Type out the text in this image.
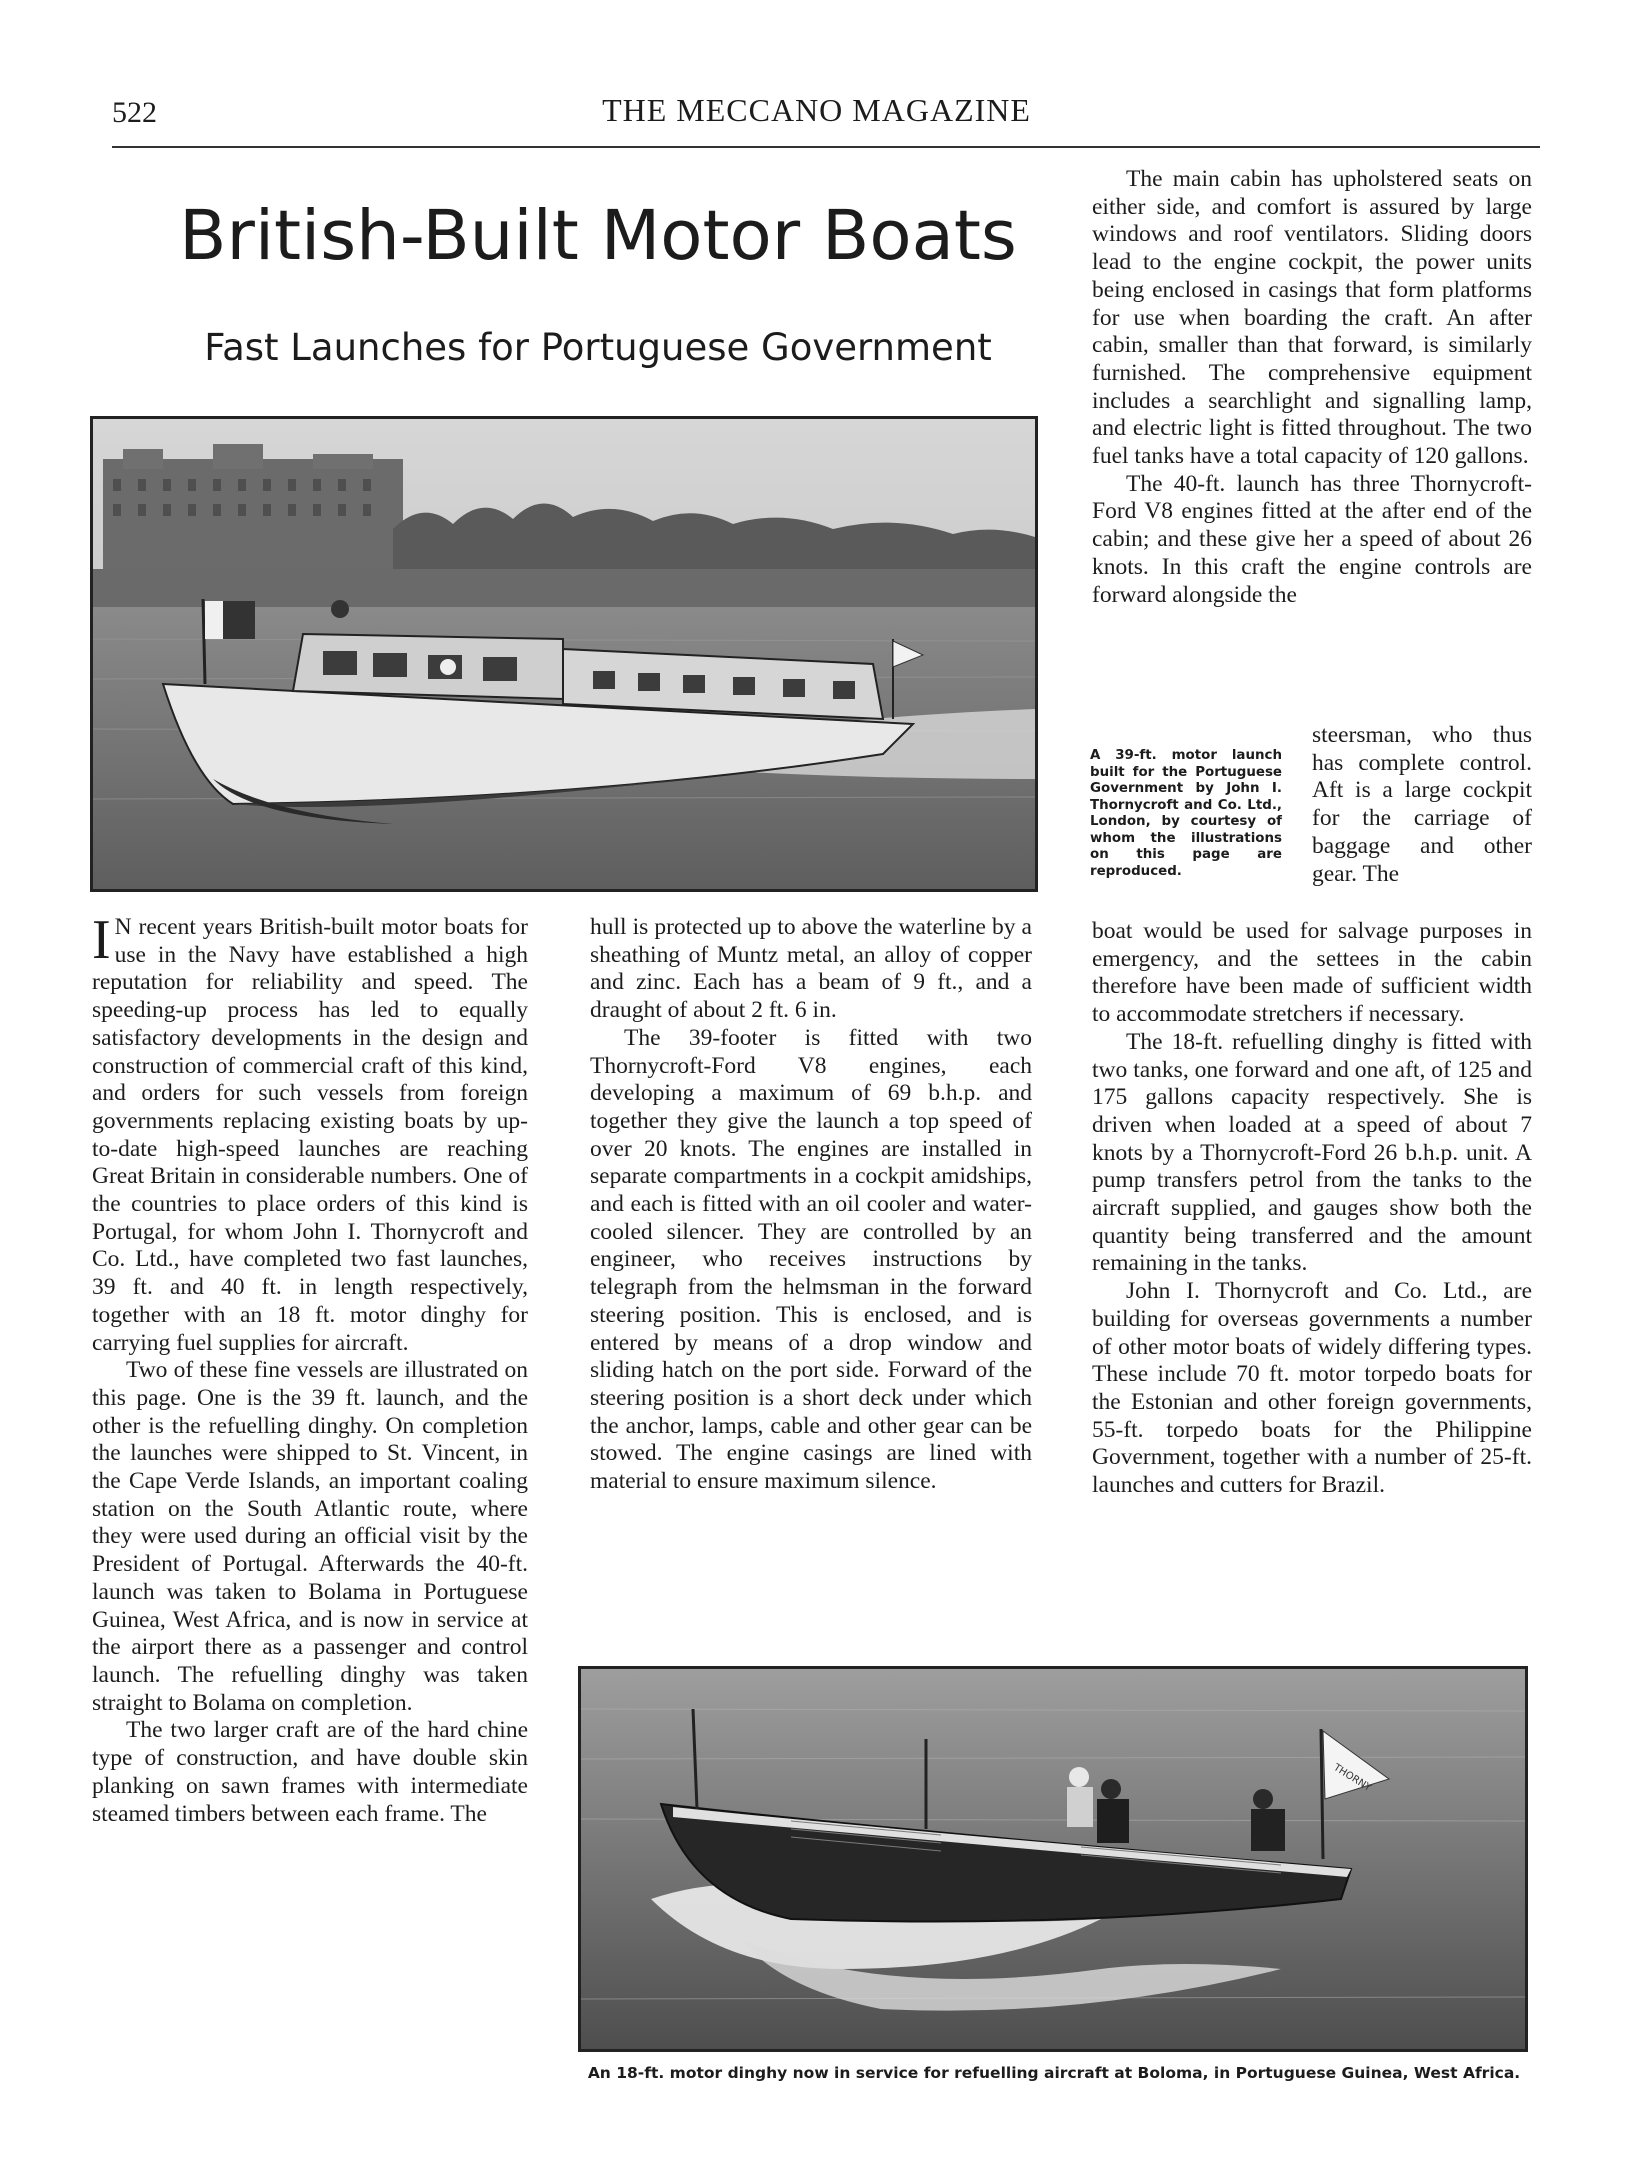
522	THE MECCANO MAGAZINE
British-Built Motor Boats
Fast Launches for Portuguese Government
A 39-ft. motor launch built for the Portuguese Government by John I. Thornycroft and Co. Ltd., London, by courtesy of whom the illustrations on this page are reproduced.

I N recent years British-built motor boats for use in the Navy have established a high reputation for reliability and speed. The speeding-up process has led to equally satisfactory developments in the design and construction of commercial craft of this kind, and orders for such vessels from foreign governments replacing existing boats by up-to-date high-speed launches are reaching Great Britain in considerable numbers. One of the countries to place orders of this kind is Portugal, for whom John I. Thornycroft and Co. Ltd., have completed two fast launches, 39 ft. and 40 ft. in length respectively, together with an 18 ft. motor dinghy for carrying fuel supplies for aircraft.

Two of these fine vessels are illustrated on this page. One is the 39 ft. launch, and the other is the refuelling dinghy. On completion the launches were shipped to St. Vincent, in the Cape Verde Islands, an important coaling station on the South Atlantic route, where they were used during an official visit by the President of Portugal. Afterwards the 40-ft. launch was taken to Bolama in Portuguese Guinea, West Africa, and is now in service at the airport there as a passenger and control launch. The refuelling dinghy was taken straight to Bolama on completion.

The two larger craft are of the hard chine type of construction, and have double skin planking on sawn frames with intermediate steamed timbers between each frame. The

hull is protected up to above the waterline by a sheathing of Muntz metal, an alloy of copper and zinc. Each has a beam of 9 ft., and a draught of about 2 ft. 6 in.

The 39-footer is fitted with two Thornycroft-Ford V8 engines, each developing a maximum of 69 b.h.p. and together they give the launch a top speed of over 20 knots. The engines are installed in separate compartments in a cockpit amidships, and each is fitted with an oil cooler and water-cooled silencer. They are controlled by an engineer, who receives instructions by telegraph from the helmsman in the forward steering position. This is enclosed, and is entered by means of a drop window and sliding hatch on the port side. Forward of the steering position is a short deck under which the anchor, lamps, cable and other gear can be stowed. The engine casings are lined with material to ensure maximum silence.

The main cabin has upholstered seats on either side, and comfort is assured by large windows and roof ventilators. Sliding doors lead to the engine cockpit, the power units being enclosed in casings that form platforms for use when boarding the craft. An after cabin, smaller than that forward, is similarly furnished. The comprehensive equipment includes a searchlight and signalling lamp, and electric light is fitted throughout. The two fuel tanks have a total capacity of 120 gallons.

The 40-ft. launch has three Thornycroft-Ford V8 engines fitted at the after end of the cabin; and these give her a speed of about 26 knots. In this craft the engine controls are forward alongside the

steersman, who thus has complete control. Aft is a large cockpit for the carriage of baggage and other gear. The

boat would be used for salvage purposes in emergency, and the settees in the cabin therefore have been made of sufficient width to accommodate stretchers if necessary.

The 18-ft. refuelling dinghy is fitted with two tanks, one forward and one aft, of 125 and 175 gallons capacity respectively. She is driven when loaded at a speed of about 7 knots by a Thornycroft-Ford 26 b.h.p. unit. A pump transfers petrol from the tanks to the aircraft supplied, and gauges show both the quantity being transferred and the amount remaining in the tanks.

John I. Thornycroft and Co. Ltd., are building for overseas governments a number of other motor boats of widely differing types. These include 70 ft. motor torpedo boats for the Estonian and other foreign governments, 55-ft. torpedo boats for the Philippine Government, together with a number of 25-ft. launches and cutters for Brazil.

THORNY
An 18-ft. motor dinghy now in service for refuelling aircraft at Boloma, in Portuguese Guinea, West Africa.
